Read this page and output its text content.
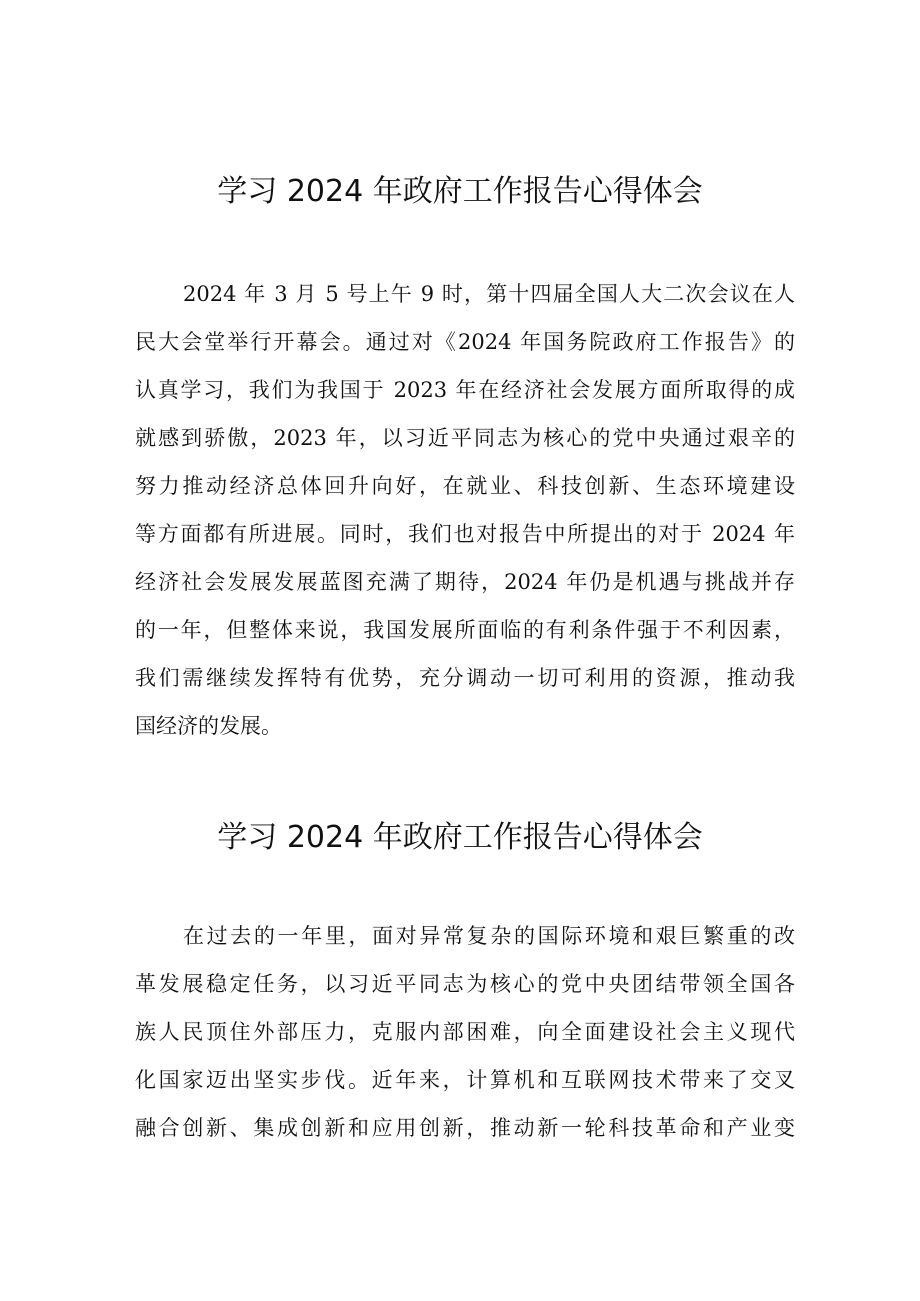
学习 2024 年政府工作报告心得体会
2024 年 3 月 5 号上午 9 时，第十四届全国人大二次会议在人
民大会堂举行开幕会。通过对《2024 年国务院政府工作报告》的
认真学习，我们为我国于 2023 年在经济社会发展方面所取得的成
就感到骄傲，2023 年，以习近平同志为核心的党中央通过艰辛的
努力推动经济总体回升向好，在就业、科技创新、生态环境建设
等方面都有所进展。同时，我们也对报告中所提出的对于 2024 年
经济社会发展发展蓝图充满了期待，2024 年仍是机遇与挑战并存
的一年，但整体来说，我国发展所面临的有利条件强于不利因素，
我们需继续发挥特有优势，充分调动一切可利用的资源，推动我
国经济的发展。
学习 2024 年政府工作报告心得体会
在过去的一年里，面对异常复杂的国际环境和艰巨繁重的改
革发展稳定任务，以习近平同志为核心的党中央团结带领全国各
族人民顶住外部压力，克服内部困难，向全面建设社会主义现代
化国家迈出坚实步伐。近年来，计算机和互联网技术带来了交叉
融合创新、集成创新和应用创新，推动新一轮科技革命和产业变
